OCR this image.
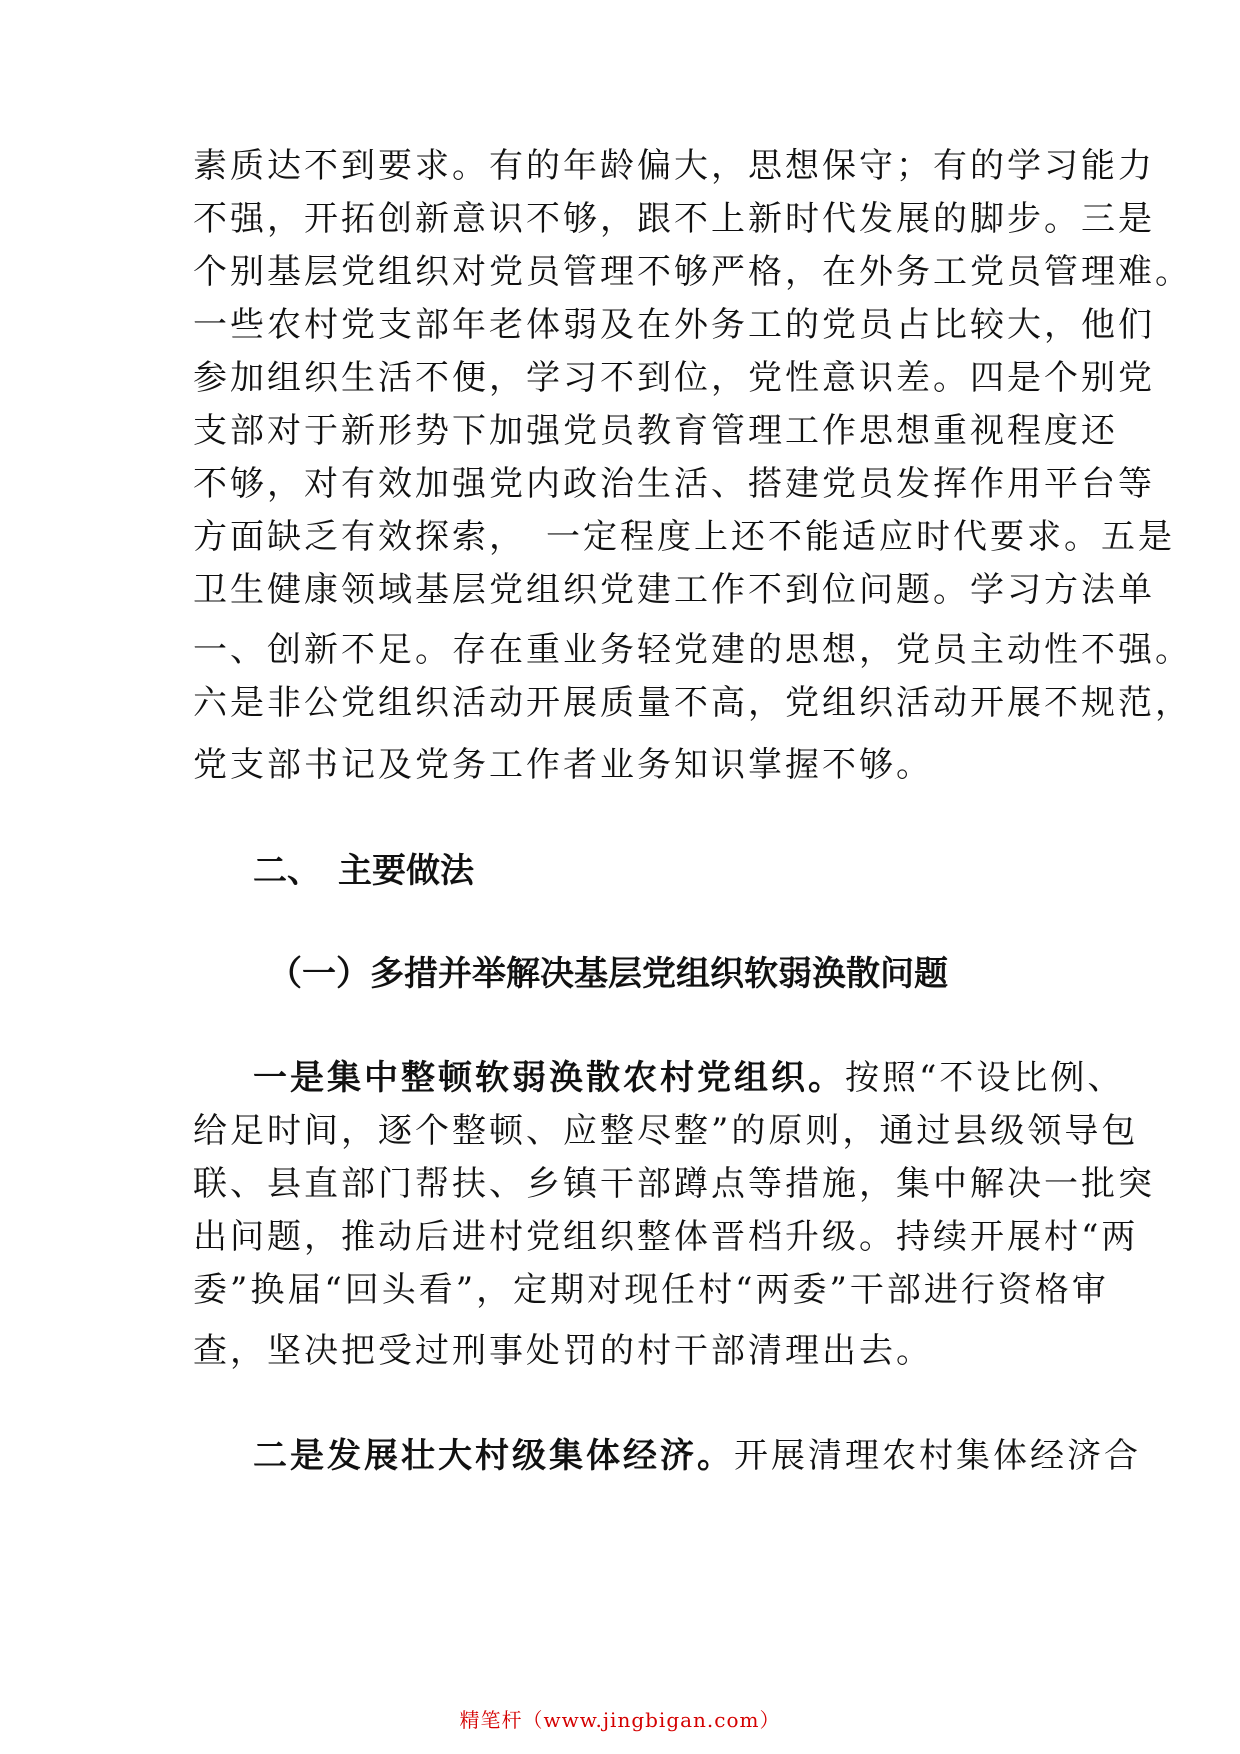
素质达不到要求。有的年龄偏大，思想保守；有的学习能力
不强，开拓创新意识不够，跟不上新时代发展的脚步。三是
个别基层党组织对党员管理不够严格，在外务工党员管理难。
一些农村党支部年老体弱及在外务工的党员占比较大，他们
参加组织生活不便，学习不到位，党性意识差。四是个别党
支部对于新形势下加强党员教育管理工作思想重视程度还
不够，对有效加强党内政治生活、搭建党员发挥作用平台等
方面缺乏有效探索，　一定程度上还不能适应时代要求。五是
卫生健康领域基层党组织党建工作不到位问题。学习方法单
一、创新不足。存在重业务轻党建的思想，党员主动性不强。
六是非公党组织活动开展质量不高，党组织活动开展不规范，
党支部书记及党务工作者业务知识掌握不够。
二、　主要做法
（一）多措并举解决基层党组织软弱涣散问题
一是集中整顿软弱涣散农村党组织。按照“不设比例、
给足时间，逐个整顿、应整尽整”的原则，通过县级领导包
联、县直部门帮扶、乡镇干部蹲点等措施，集中解决一批突
出问题，推动后进村党组织整体晋档升级。持续开展村“两
委”换届“回头看”，定期对现任村“两委”干部进行资格审
查，坚决把受过刑事处罚的村干部清理出去。
二是发展壮大村级集体经济。开展清理农村集体经济合
精笔杆（www.jingbigan.com）
